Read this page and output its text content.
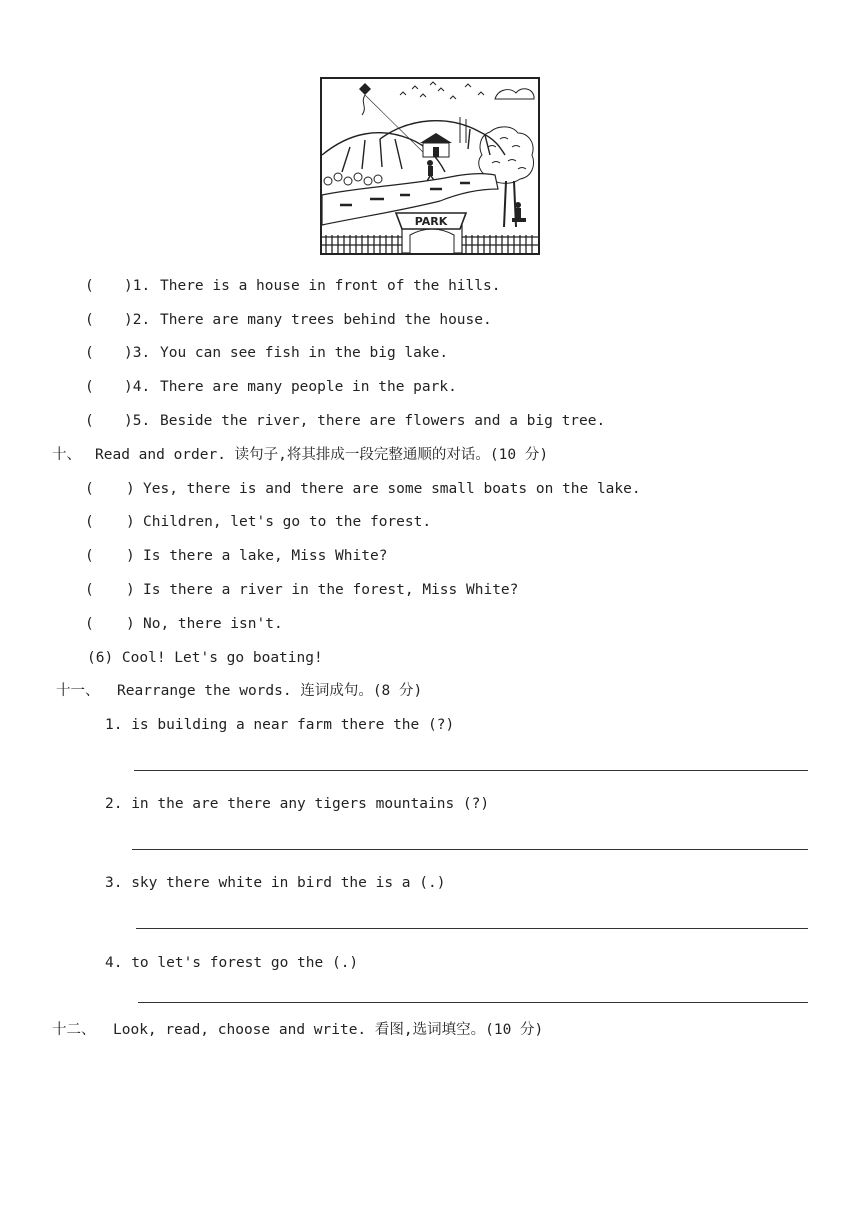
PARK
( )1. There is a house in front of the hills.
( )2. There are many trees behind the house.
( )3. You can see fish in the big lake.
( )4. There are many people in the park.
( )5. Beside the river, there are flowers and a big tree.
十、 Read and order. 读句子,将其排成一段完整通顺的对话。(10 分)
( ) Yes, there is and there are some small boats on the lake.
( ) Children, let's go to the forest.
( ) Is there a lake, Miss White?
( ) Is there a river in the forest, Miss White?
( ) No, there isn't.
(6) Cool! Let's go boating!
十一、 Rearrange the words. 连词成句。(8 分)
1. is building a near farm there the (?)
2. in the are there any tigers mountains (?)
3. sky there white in bird the is a (.)
4. to let's forest go the (.)
十二、 Look, read, choose and write. 看图,选词填空。(10 分)
